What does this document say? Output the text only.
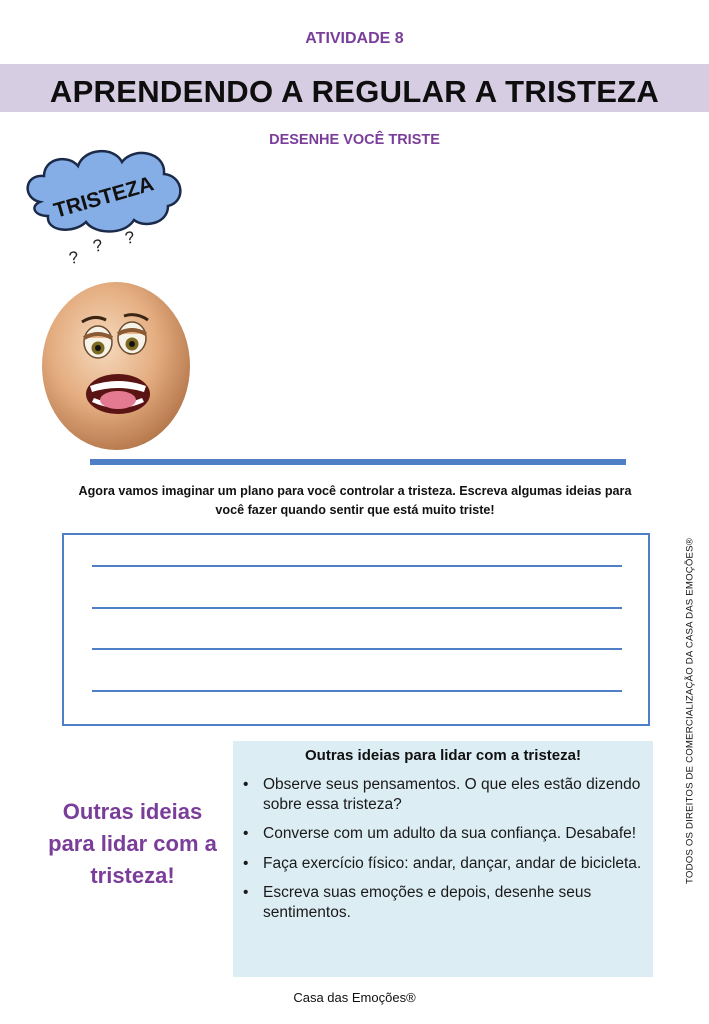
ATIVIDADE 8
APRENDENDO A REGULAR A TRISTEZA
DESENHE VOCÊ TRISTE
TRISTEZA
?
? ?
Agora vamos imaginar um plano para você controlar a tristeza. Escreva algumas ideias para você fazer quando sentir que está muito triste!
Outras ideias para lidar com a tristeza!
Outras ideias para lidar com a tristeza!
• Observe seus pensamentos. O que eles estão dizendo sobre essa tristeza?
• Converse com um adulto da sua confiança. Desabafe!
• Faça exercício físico: andar, dançar, andar de bicicleta.
• Escreva suas emoções e depois, desenhe seus sentimentos.
TODOS OS DIREITOS DE COMERCIALIZAÇÃO DA CASA DAS EMOÇÕES®
Casa das Emoções®
